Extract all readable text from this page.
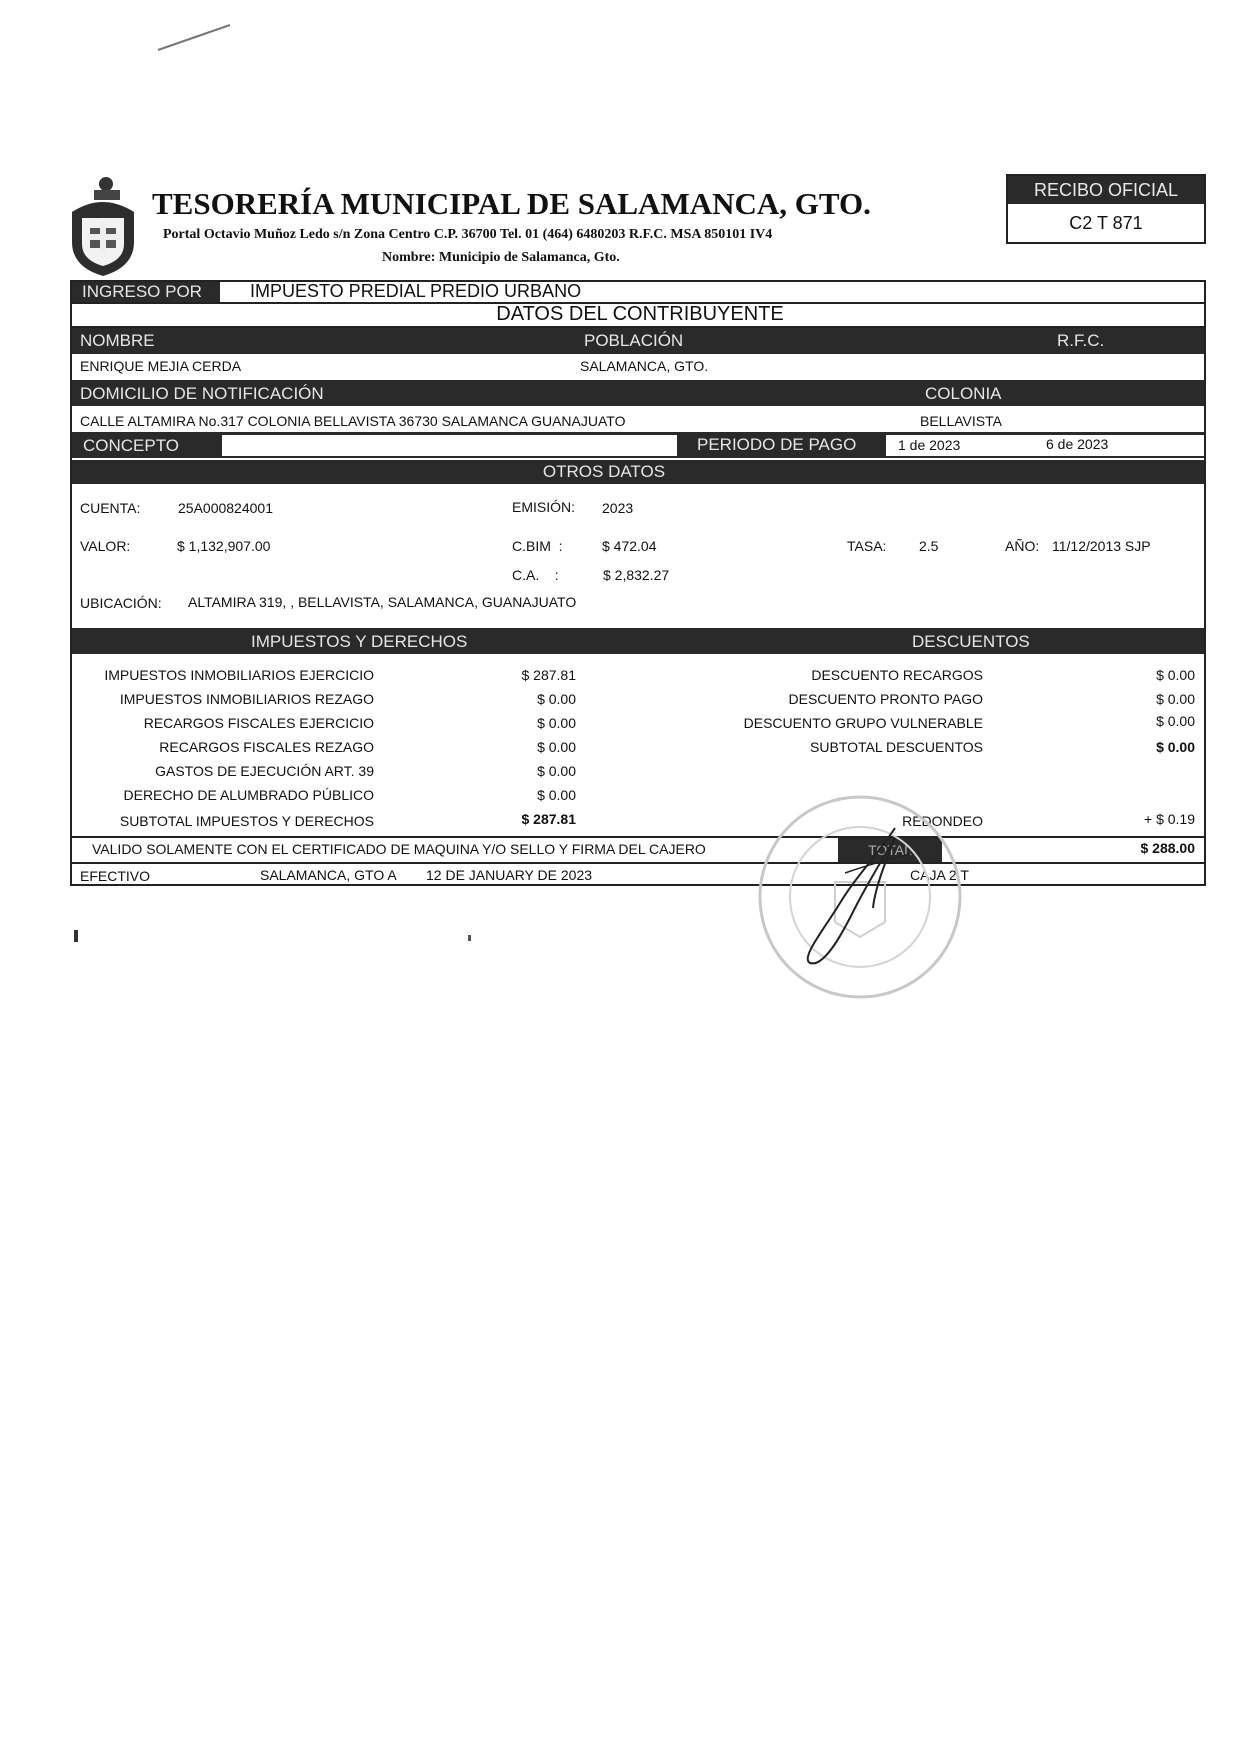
TESORERÍA MUNICIPAL DE SALAMANCA, GTO.
Portal Octavio Muñoz Ledo s/n Zona Centro C.P. 36700 Tel. 01 (464) 6480203 R.F.C. MSA 850101 IV4
Nombre: Municipio de Salamanca, Gto.
RECIBO OFICIAL
C2 T 871
INGRESO POR	IMPUESTO PREDIAL PREDIO URBANO
DATOS DEL CONTRIBUYENTE
NOMBRE	POBLACIÓN	R.F.C.
ENRIQUE MEJIA CERDA	SALAMANCA, GTO.
DOMICILIO DE NOTIFICACIÓN	COLONIA
CALLE ALTAMIRA No.317 COLONIA BELLAVISTA 36730 SALAMANCA GUANAJUATO	BELLAVISTA
CONCEPTO	PERIODO DE PAGO	1 de 2023	6 de 2023
OTROS DATOS
CUENTA:	25A000824001	EMISIÓN: 2023
VALOR:	$ 1,132,907.00	C.BIM  :	$ 472.04	TASA: 2.5	AÑO: 11/12/2013 SJP
C.A.    :	$ 2,832.27
UBICACIÓN: ALTAMIRA 319, , BELLAVISTA, SALAMANCA, GUANAJUATO
IMPUESTOS Y DERECHOS	DESCUENTOS
IMPUESTOS INMOBILIARIOS EJERCICIO	$ 287.81
IMPUESTOS INMOBILIARIOS REZAGO	$ 0.00
RECARGOS FISCALES EJERCICIO	$ 0.00
RECARGOS FISCALES REZAGO	$ 0.00
GASTOS DE EJECUCIÓN ART. 39	$ 0.00
DERECHO DE ALUMBRADO PÚBLICO	$ 0.00
SUBTOTAL IMPUESTOS Y DERECHOS	$ 287.81
DESCUENTO RECARGOS	$ 0.00
DESCUENTO PRONTO PAGO	$ 0.00
DESCUENTO GRUPO VULNERABLE	$ 0.00
SUBTOTAL DESCUENTOS	$ 0.00
REDONDEO	+ $ 0.19
VALIDO SOLAMENTE CON EL CERTIFICADO DE MAQUINA Y/O SELLO Y FIRMA DEL CAJERO	TOTAL	$ 288.00
EFECTIVO	SALAMANCA, GTO A 12 DE JANUARY DE 2023	CAJA 2 T
